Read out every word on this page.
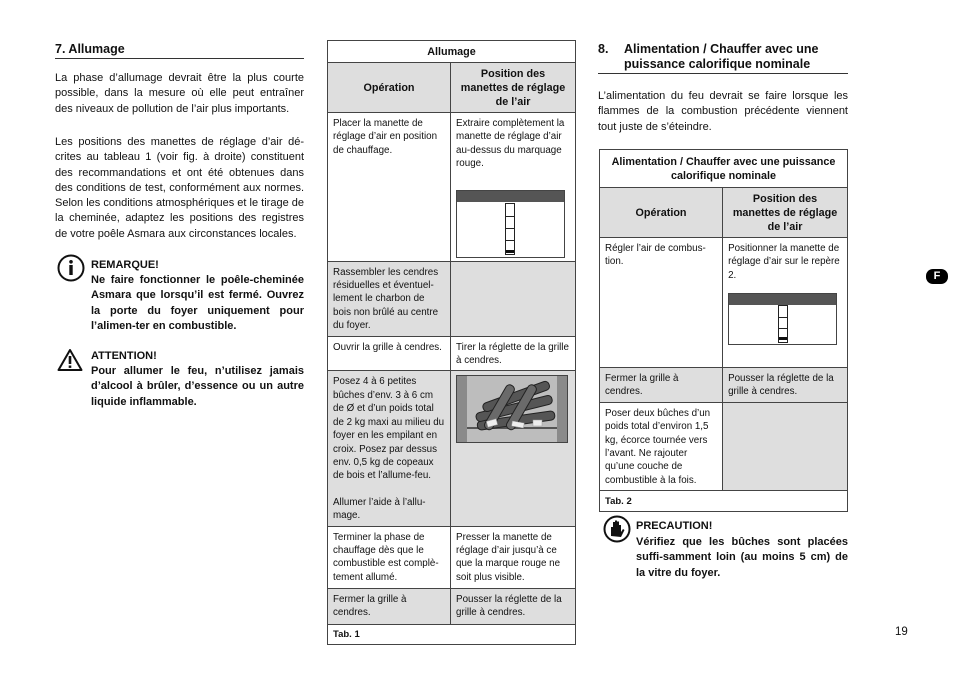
7. Allumage
La phase d’allumage devrait être la plus courte possible, dans la mesure où elle peut entraîner des niveaux de pollution de l’air plus importants.
Les positions des manettes de réglage d’air dé-crites au tableau 1 (voir fig. à droite) constituent des recommandations et ont été obtenues dans des conditions de test, conformément aux normes. Selon les conditions atmosphériques et le tirage de la cheminée, adaptez les positions des registres de votre poêle Asmara aux circonstances locales.
REMARQUE!
Ne faire fonctionner le poêle-cheminée Asmara que lorsqu’il est fermé. Ouvrez la porte du foyer uniquement pour l’alimen-ter en combustible.
ATTENTION!
Pour allumer le feu, n’utilisez jamais d’alcool à brûler, d’essence ou un autre liquide inflammable.
Allumage	
Opération	Position des manettes de réglage de l’air
Placer la manette de réglage d’air en position de chauffage.	Extraire complètement la manette de réglage d’air au-dessus du marquage rouge.

Rassembler les cendres résiduelles et éventuel-lement le charbon de bois non brûlé au centre du foyer.	
Ouvrir la grille à cendres.	Tirer la réglette de la grille à cendres.

Posez 4 à 6 petites bûches d’env. 3 à 6 cm de Ø et d’un poids total de 2 kg maxi au milieu du foyer en les empilant en croix. Posez par dessus env. 0,5 kg de copeaux de bois et l’allume-feu.
Allumer l’aide à l’allu-mage.

Terminer la phase de chauffage dès que le combustible est complè-tement allumé.	Presser la manette de réglage d’air jusqu’à ce que la marque rouge ne soit plus visible.
Fermer la grille à cendres.	Pousser la réglette de la grille à cendres.
Tab. 1	
8. Alimentation / Chauffer avec une puissance calorifique nominale
L’alimentation du feu devrait se faire lorsque les flammes de la combustion précédente viennent tout juste de s’éteindre.
Alimentation / Chauffer avec une puissance calorifique nominale	
Opération	Position des manettes de réglage de l’air
Régler l’air de combus-tion.	Positionner la manette de réglage d’air sur le repère 2.

Fermer la grille à cendres.	Pousser la réglette de la grille à cendres.
Poser deux bûches d’un poids total d’environ 1,5 kg, écorce tournée vers l’avant. Ne rajouter qu’une couche de combustible à la fois.	
Tab. 2	
PRECAUTION!
Vérifiez que les bûches sont placées suffi-samment loin (au moins 5 cm) de la vitre du foyer.
F
19
